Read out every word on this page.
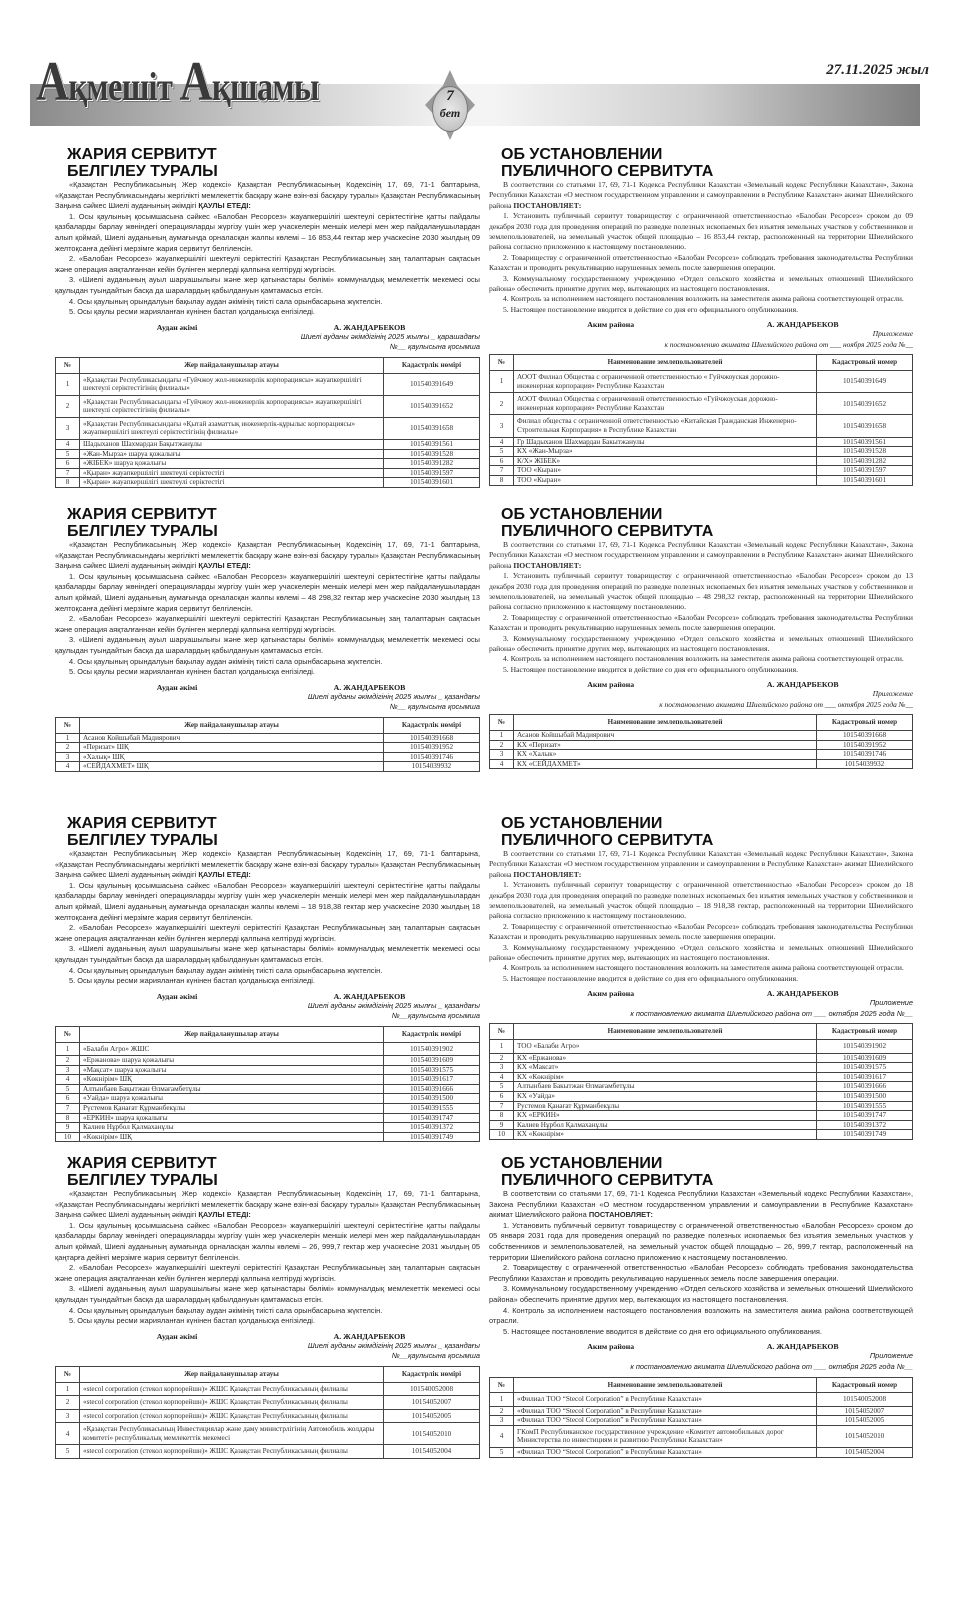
Ақмешіт Ақшамы	7
бет
27.11.2025 жыл
ЖАРИЯ СЕРВИТУТ
БЕЛГІЛЕУ ТУРАЛЫ
«Қазақстан Республикасының Жер кодексі» Қазақстан Республикасының Кодексінің 17, 69, 71-1 баптарына, «Қазақстан Республикасындағы жергілікті мемлекеттік басқару және өзін-өзі басқару туралы» Қазақстан Республикасының Заңына сәйкес Шиелі ауданының әкімдігі ҚАУЛЫ ЕТЕДІ:
1. Осы қаулының қосымшасына сәйкес «Балобан Ресорсез» жауапкершілігі шектеулі серіктестігіне қатты пайдалы қазбаларды барлау жөніндегі операцияларды жүргізу үшін жер учаскелерін меншік иелері мен жер пайдаланушылардан алып қоймай, Шиелі ауданының аумағында орналасқан жалпы көлемі – 16 853,44 гектар жер учаскесіне 2030 жылдың 09 желтоқсанға дейінгі мерзімге жария сервитут белгіленсін.
2. «Балобан Ресорсез» жауапкершілігі шектеулі серіктестігі Қазақстан Республикасының заң талаптарын сақтасын және операция аяқталғаннан кейін бүлінген жерлерді қалпына келтіруді жүргізсін.
3. «Шиелі ауданының ауыл шаруашылығы және жер қатынастары бөлімі» коммуналдық мемлекеттік мекемесі осы қаулыдан туындайтын басқа да шаралардың қабылдануын қамтамасыз етсін.
4. Осы қаулының орындалуын бақылау аудан әкімінің тиісті сала орынбасарына жүктелсін.
5. Осы қаулы ресми жарияланған күнінен бастап қолданысқа енгізіледі.
Аудан әкімі	А. ЖАНДАРБЕКОВ
Шиелі ауданы әкімдігінің 2025 жылғы _ қарашадағы
№__ қаулысына қосымша
№	Жер пайдаланушылар атауы	Кадастрлік нөмірі
1	«Қазақстан Республикасындағы «Гуйчжоу жол-инженерлік корпорациясы» жауапкершілігі шектеулі серіктестігінің филиалы»	101540391649
2	«Қазақстан Республикасындағы «Гуйчжоу жол-инженерлік корпорациясы» жауапкершілігі шектеулі серіктестігінің филиалы»	101540391652
3	«Қазақстан Республикасындағы «Қытай азаматтық инженерлік-құрылыс корпорациясы» жауапкершілігі шектеулі серіктестігінің филиалы»	101540391658
4	Шадыханов Шахмардан Бақытжанұлы	101540391561
5	«Жан-Мырза» шаруа қожалығы	101540391528
6	«ЖІБЕК» шаруа қожалығы	101540391282
7	«Қыран» жауапкершілігі шектеулі серіктестігі	101540391597
8	«Қыран» жауапкершілігі шектеулі серіктестігі	101540391601
ОБ УСТАНОВЛЕНИИ
ПУБЛИЧНОГО СЕРВИТУТА
В соответствии со статьями 17, 69, 71-1 Кодекса Республики Казахстан «Земельный кодекс Республики Казахстан», Закона Республики Казахстан «О местном государственном управлении и самоуправлении в Республике Казахстан» акимат Шиелийского района ПОСТАНОВЛЯЕТ:
1. Установить публичный сервитут товариществу с ограниченной ответственностью «Балобан Ресорсез» сроком до 09 декабря 2030 года для проведения операций по разведке полезных ископаемых без изъятия земельных участков у собственников и землепользователей, на земельный участок общей площадью – 16 853,44 гектар, расположенный на территории Шиелийского района согласно приложению к настоящему постановлению.
2. Товариществу с ограниченной ответственностью «Балобан Ресорсез» соблюдать требования законодательства Республики Казахстан и проводить рекультивацию нарушенных земель после завершения операции.
3. Коммунальному государственному учреждению «Отдел сельского хозяйства и земельных отношений Шиелийского района» обеспечить принятие других мер, вытекающих из настоящего постановления.
4. Контроль за исполнением настоящего постановления возложить на заместителя акима района соответствующей отрасли.
5. Настоящее постановление вводится в действие со дня его официального опубликования.
Аким района	А. ЖАНДАРБЕКОВ
Приложение
к постановлению акимата Шиелийского района от ___ ноября 2025 года №__
№	Наименование землепользователей	Кадастровый номер
1	АООТ Филиал Общества с ограниченной ответственностью « Гуйчжоуская дорожно-инженерная корпорация» Республике Казахстан	101540391649
2	АООТ Филиал Общества с ограниченной ответственностью «Гуйчжоуская дорожно-инженерная корпорация» Республике Казахстан	101540391652
3	Филиал общества с ограниченной ответственностью «Китайская Гражданская Инженерно-Строительная Корпорация» в Республике Казахстан	101540391658
4	Гр Шадыханов Шахмардан Бакытжанулы	101540391561
5	КХ «Жан-Мырза»	101540391528
6	К/Х» ЖІБЕК»	101540391282
7	ТОО «Кыран»	101540391597
8	ТОО «Кыран»	101540391601
ЖАРИЯ СЕРВИТУТ
БЕЛГІЛЕУ ТУРАЛЫ
«Қазақстан Республикасының Жер кодексі» Қазақстан Республикасының Кодексінің 17, 69, 71-1 баптарына, «Қазақстан Республикасындағы жергілікті мемлекеттік басқару және өзін-өзі басқару туралы» Қазақстан Республикасының Заңына сәйкес Шиелі ауданының әкімдігі ҚАУЛЫ ЕТЕДІ:
1. Осы қаулының қосымшасына сәйкес «Балобан Ресорсез» жауапкершілігі шектеулі серіктестігіне қатты пайдалы қазбаларды барлау жөніндегі операцияларды жүргізу үшін жер учаскелерін меншік иелері мен жер пайдаланушылардан алып қоймай, Шиелі ауданының аумағында орналасқан жалпы көлемі – 48 298,32 гектар жер учаскесіне 2030 жылдың 13 желтоқсанға дейінгі мерзімге жария сервитут белгіленсін.
2. «Балобан Ресорсез» жауапкершілігі шектеулі серіктестігі Қазақстан Республикасының заң талаптарын сақтасын және операция аяқталғаннан кейін бүлінген жерлерді қалпына келтіруді жүргізсін.
3. «Шиелі ауданының ауыл шаруашылығы және жер қатынастары бөлімі» коммуналдық мемлекеттік мекемесі осы қаулыдан туындайтын басқа да шаралардың қабылдануын қамтамасыз етсін.
4. Осы қаулының орындалуын бақылау аудан әкімінің тиісті сала орынбасарына жүктелсін.
5. Осы қаулы ресми жарияланған күнінен бастап қолданысқа енгізіледі.
Аудан әкімі	А. ЖАНДАРБЕКОВ
Шиелі ауданы әкімдігінің 2025 жылғы _ қазандағы
№__ қаулысына қосымша
№	Жер пайдаланушылар атауы	Кадастрлік нөмірі
1	Асанов Койшыбай Мадиярович	101540391668
2	«Перизат» ШҚ	101540391952
3	«Халық» ШҚ	101540391746
4	«СЕЙДАХМЕТ» ШҚ	10154039932
ОБ УСТАНОВЛЕНИИ
ПУБЛИЧНОГО СЕРВИТУТА
В соответствии со статьями 17, 69, 71-1 Кодекса Республики Казахстан «Земельный кодекс Республики Казахстан», Закона Республики Казахстан «О местном государственном управлении и самоуправлении в Республике Казахстан» акимат Шиелийского района ПОСТАНОВЛЯЕТ:
1. Установить публичный сервитут товариществу с ограниченной ответственностью «Балобан Ресорсез» сроком до 13 декабря 2030 года для проведения операций по разведке полезных ископаемых без изъятия земельных участков у собственников и землепользователей, на земельный участок общей площадью – 48 298,32 гектар, расположенный на территории Шиелийского района согласно приложению к настоящему постановлению.
2. Товариществу с ограниченной ответственностью «Балобан Ресорсез» соблюдать требования законодательства Республики Казахстан и проводить рекультивацию нарушенных земель после завершения операции.
3. Коммунальному государственному учреждению «Отдел сельского хозяйства и земельных отношений Шиелийского района» обеспечить принятие других мер, вытекающих из настоящего постановления.
4. Контроль за исполнением настоящего постановления возложить на заместителя акима района соответствующей отрасли.
5. Настоящее постановление вводится в действие со дня его официального опубликования.
Аким района	А. ЖАНДАРБЕКОВ
Приложение
к постановлению акимата Шиелийского района от ___ октября 2025 года №__
№	Наименование землепользователей	Кадастровый номер
1	Асанов Койшыбай Мадиярович	101540391668
2	КХ «Перизат»	101540391952
3	КХ «Халык»	101540391746
4	КХ «СЕЙДАХМЕТ»	10154039932
ЖАРИЯ СЕРВИТУТ
БЕЛГІЛЕУ ТУРАЛЫ
«Қазақстан Республикасының Жер кодексі» Қазақстан Республикасының Кодексінің 17, 69, 71-1 баптарына, «Қазақстан Республикасындағы жергілікті мемлекеттік басқару және өзін-өзі басқару туралы» Қазақстан Республикасының Заңына сәйкес Шиелі ауданының әкімдігі ҚАУЛЫ ЕТЕДІ:
1. Осы қаулының қосымшасына сәйкес «Балобан Ресорсез» жауапкершілігі шектеулі серіктестігіне қатты пайдалы қазбаларды барлау жөніндегі операцияларды жүргізу үшін жер учаскелерін меншік иелері мен жер пайдаланушылардан алып қоймай, Шиелі ауданының аумағында орналасқан жалпы көлемі – 18 918,38 гектар жер учаскесіне 2030 жылдың 18 желтоқсанға дейінгі мерзімге жария сервитут белгіленсін.
2. «Балобан Ресорсез» жауапкершілігі шектеулі серіктестігі Қазақстан Республикасының заң талаптарын сақтасын және операция аяқталғаннан кейін бүлінген жерлерді қалпына келтіруді жүргізсін.
3. «Шиелі ауданының ауыл шаруашылығы және жер қатынастары бөлімі» коммуналдық мемлекеттік мекемесі осы қаулыдан туындайтын басқа да шаралардың қабылдануын қамтамасыз етсін.
4. Осы қаулының орындалуын бақылау аудан әкімінің тиісті сала орынбасарына жүктелсін.
5. Осы қаулы ресми жарияланған күнінен бастап қолданысқа енгізіледі.
Аудан әкімі	А. ЖАНДАРБЕКОВ
Шиелі ауданы әкімдігінің 2025 жылғы _ қазандағы
№__қаулысына қосымша
№	Жер пайдаланушылар атауы	Кадастрлік нөмірі
1	«Балаби Агро» ЖШС	101540391902
2	«Ержанова» шаруа қожалығы	101540391609
3	«Мақсат» шаруа қожалығы	101540391575
4	«Көкнірім» ШҚ	101540391617
5	Алтынбаев Бақытжан Өлмағамбетұлы	101540391666
6	«Уайда» шаруа қожалығы	101540391500
7	Рүстемов Қанағат Құрманбекұлы	101540391555
8	«ЕРКИН» шаруа қожалығы	101540391747
9	Калиев Нұрбол Қалмаханұлы	101540391372
10	«Көкнірім» ШҚ	101540391749
ОБ УСТАНОВЛЕНИИ
ПУБЛИЧНОГО СЕРВИТУТА
В соответствии со статьями 17, 69, 71-1 Кодекса Республики Казахстан «Земельный кодекс Республики Казахстан», Закона Республики Казахстан «О местном государственном управлении и самоуправлении в Республике Казахстан» акимат Шиелийского района ПОСТАНОВЛЯЕТ:
1. Установить публичный сервитут товариществу с ограниченной ответственностью «Балобан Ресорсез» сроком до 18 декабря 2030 года для проведения операций по разведке полезных ископаемых без изъятия земельных участков у собственников и землепользователей, на земельный участок общей площадью – 18 918,38 гектар, расположенный на территории Шиелийского района согласно приложению к настоящему постановлению.
2. Товариществу с ограниченной ответственностью «Балобан Ресорсез» соблюдать требования законодательства Республики Казахстан и проводить рекультивацию нарушенных земель после завершения операции.
3. Коммунальному государственному учреждению «Отдел сельского хозяйства и земельных отношений Шиелийского района» обеспечить принятие других мер, вытекающих из настоящего постановления.
4. Контроль за исполнением настоящего постановления возложить на заместителя акима района соответствующей отрасли.
5. Настоящее постановление вводится в действие со дня его официального опубликования.
Аким района	А. ЖАНДАРБЕКОВ
Приложение
к постановлению акимата Шиелийского района от ___ октября 2025 года №__
№	Наименование землепользователей	Кадастровый номер
1	ТОО «Балаби Агро»	101540391902
2	КХ «Ержанова»	101540391609
3	КХ «Максат»	101540391575
4	КХ «Көкнірім»	101540391617
5	Алтынбаев Бакытжан Өлмағамбетұлы	101540391666
6	КХ «Уайда»	101540391500
7	Рустемов Қанағат Құрманбекұлы	101540391555
8	КХ «ЕРКИН»	101540391747
9	Калиев Нұрбол Қалмаханұлы	101540391372
10	КХ «Көкнірім»	101540391749
ЖАРИЯ СЕРВИТУТ
БЕЛГІЛЕУ ТУРАЛЫ
«Қазақстан Республикасының Жер кодексі» Қазақстан Республикасының Кодексінің 17, 69, 71-1 баптарына, «Қазақстан Республикасындағы жергілікті мемлекеттік басқару және өзін-өзі басқару туралы» Қазақстан Республикасының Заңына сәйкес Шиелі ауданының әкімдігі ҚАУЛЫ ЕТЕДІ:
1. Осы қаулының қосымшасына сәйкес «Балобан Ресорсез» жауапкершілігі шектеулі серіктестігіне қатты пайдалы қазбаларды барлау жөніндегі операцияларды жүргізу үшін жер учаскелерін меншік иелері мен жер пайдаланушылардан алып қоймай, Шиелі ауданының аумағында орналасқан жалпы көлемі – 26, 999,7 гектар жер учаскесіне 2031 жылдың 05 қаңтарға дейінгі мерзімге жария сервитут белгіленсін.
2. «Балобан Ресорсез» жауапкершілігі шектеулі серіктестігі Қазақстан Республикасының заң талаптарын сақтасын және операция аяқталғаннан кейін бүлінген жерлерді қалпына келтіруді жүргізсін.
3. «Шиелі ауданының ауыл шаруашылығы және жер қатынастары бөлімі» коммуналдық мемлекеттік мекемесі осы қаулыдан туындайтын басқа да шаралардың қабылдануын қамтамасыз етсін.
4. Осы қаулының орындалуын бақылау аудан әкімінің тиісті сала орынбасарына жүктелсін.
5. Осы қаулы ресми жарияланған күнінен бастап қолданысқа енгізіледі.
Аудан әкімі	А. ЖАНДАРБЕКОВ
Шиелі ауданы әкімдігінің 2025 жылғы _ қазандағы
№__қаулысына қосымша
№	Жер пайдаланушылар атауы	Кадастрлік нөмірі
1	«stecol corporation (стекол корпорейшн)» ЖШС Қазақстан Республикасының филиалы	101540052008
2	«stecol corporation (стекол корпорейшн)» ЖШС Қазақстан Республикасының филиалы	10154052007
3	«stecol corporation (стекол корпорейшн)» ЖШС Қазақстан Республикасының филиалы	10154052005
4	«Қазақстан Республикасының Инвестициялар және даму министрлігінің Автомобиль жолдары комитеті» республикалық мемлекеттік мекемесі	10154052010
5	«stecol corporation (стекол корпорейшн)» ЖШС Қазақстан Республикасының филиалы	10154052004
ОБ УСТАНОВЛЕНИИ
ПУБЛИЧНОГО СЕРВИТУТА
В соответствии со статьями 17, 69, 71-1 Кодекса Республики Казахстан «Земельный кодекс Республики Казахстан», Закона Республики Казахстан «О местном государственном управлении и самоуправлении в Республике Казахстан» акимат Шиелийского района ПОСТАНОВЛЯЕТ:
1. Установить публичный сервитут товариществу с ограниченной ответственностью «Балобан Ресорсез» сроком до 05 января 2031 года для проведения операций по разведке полезных ископаемых без изъятия земельных участков у собственников и землепользователей, на земельный участок общей площадью – 26, 999,7 гектар, расположенный на территории Шиелийского района согласно приложению к настоящему постановлению.
2. Товариществу с ограниченной ответственностью «Балобан Ресорсез» соблюдать требования законодательства Республики Казахстан и проводить рекультивацию нарушенных земель после завершения операции.
3. Коммунальному государственному учреждению «Отдел сельского хозяйства и земельных отношений Шиелийского района» обеспечить принятие других мер, вытекающих из настоящего постановления.
4. Контроль за исполнением настоящего постановления возложить на заместителя акима района соответствующей отрасли.
5. Настоящее постановление вводится в действие со дня его официального опубликования.
Аким района	А. ЖАНДАРБЕКОВ
Приложение
к постановлению акимата Шиелийского района от ___ октября 2025 года №__
№	Наименование землепользователей	Кадастровый номер
1	«Филиал ТОО “Stecol Corporation” в Республике Казахстан»	101540052008
2	«Филиал ТОО “Stecol Corporation” в Республике Казахстан»	10154052007
3	«Филиал ТОО “Stecol Corporation” в Республике Казахстан»	10154052005
4	ГКомП Республиканское государственное учреждение «Комитет автомобильных дорог Министерства по инвестициям и развитию Республики Казахстан»	10154052010
5	«Филиал ТОО “Stecol Corporation” в Республике Казахстан»	10154052004
